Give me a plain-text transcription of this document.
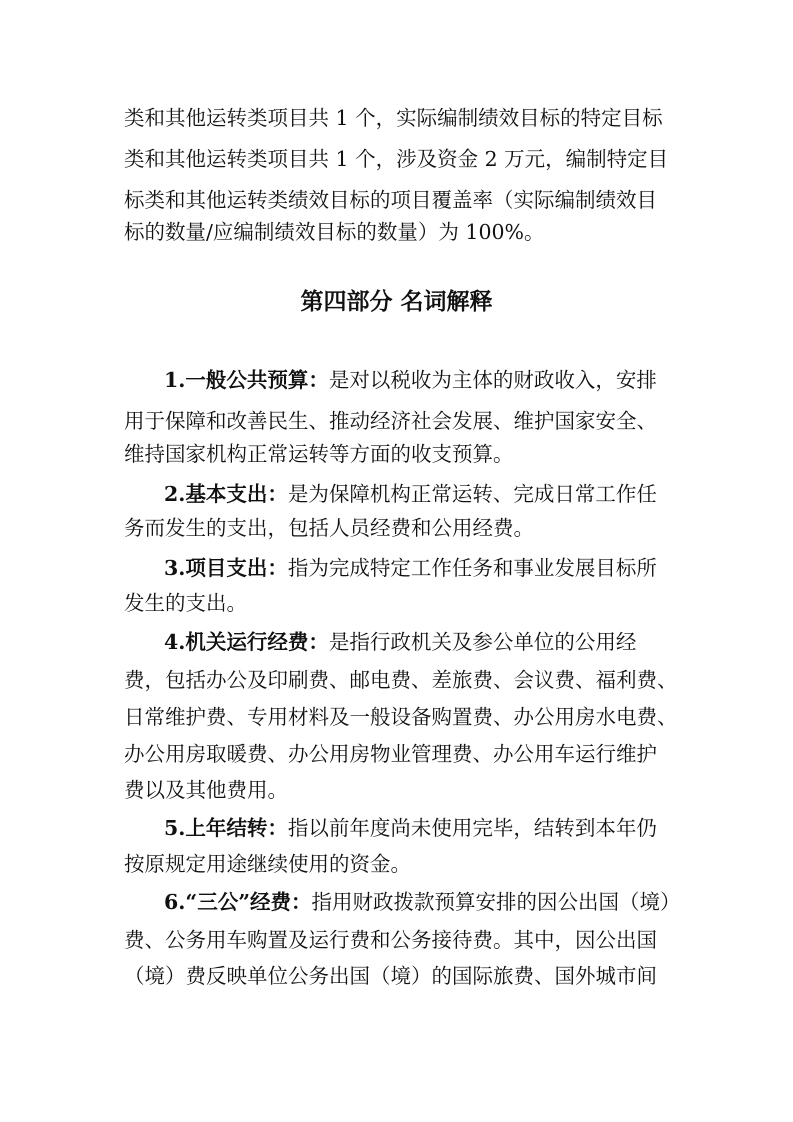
类和其他运转类项目共 1 个，实际编制绩效目标的特定目标
类和其他运转类项目共 1 个，涉及资金 2 万元，编制特定目
标类和其他运转类绩效目标的项目覆盖率（实际编制绩效目
标的数量/应编制绩效目标的数量）为 100%。
第四部分 名词解释
1.一般公共预算：是对以税收为主体的财政收入，安排
用于保障和改善民生、推动经济社会发展、维护国家安全、
维持国家机构正常运转等方面的收支预算。
2.基本支出：是为保障机构正常运转、完成日常工作任
务而发生的支出，包括人员经费和公用经费。
3.项目支出：指为完成特定工作任务和事业发展目标所
发生的支出。
4.机关运行经费：是指行政机关及参公单位的公用经
费，包括办公及印刷费、邮电费、差旅费、会议费、福利费、
日常维护费、专用材料及一般设备购置费、办公用房水电费、
办公用房取暖费、办公用房物业管理费、办公用车运行维护
费以及其他费用。
5.上年结转：指以前年度尚未使用完毕，结转到本年仍
按原规定用途继续使用的资金。
6.“三公”经费：指用财政拨款预算安排的因公出国（境）
费、公务用车购置及运行费和公务接待费。其中，因公出国
（境）费反映单位公务出国（境）的国际旅费、国外城市间
